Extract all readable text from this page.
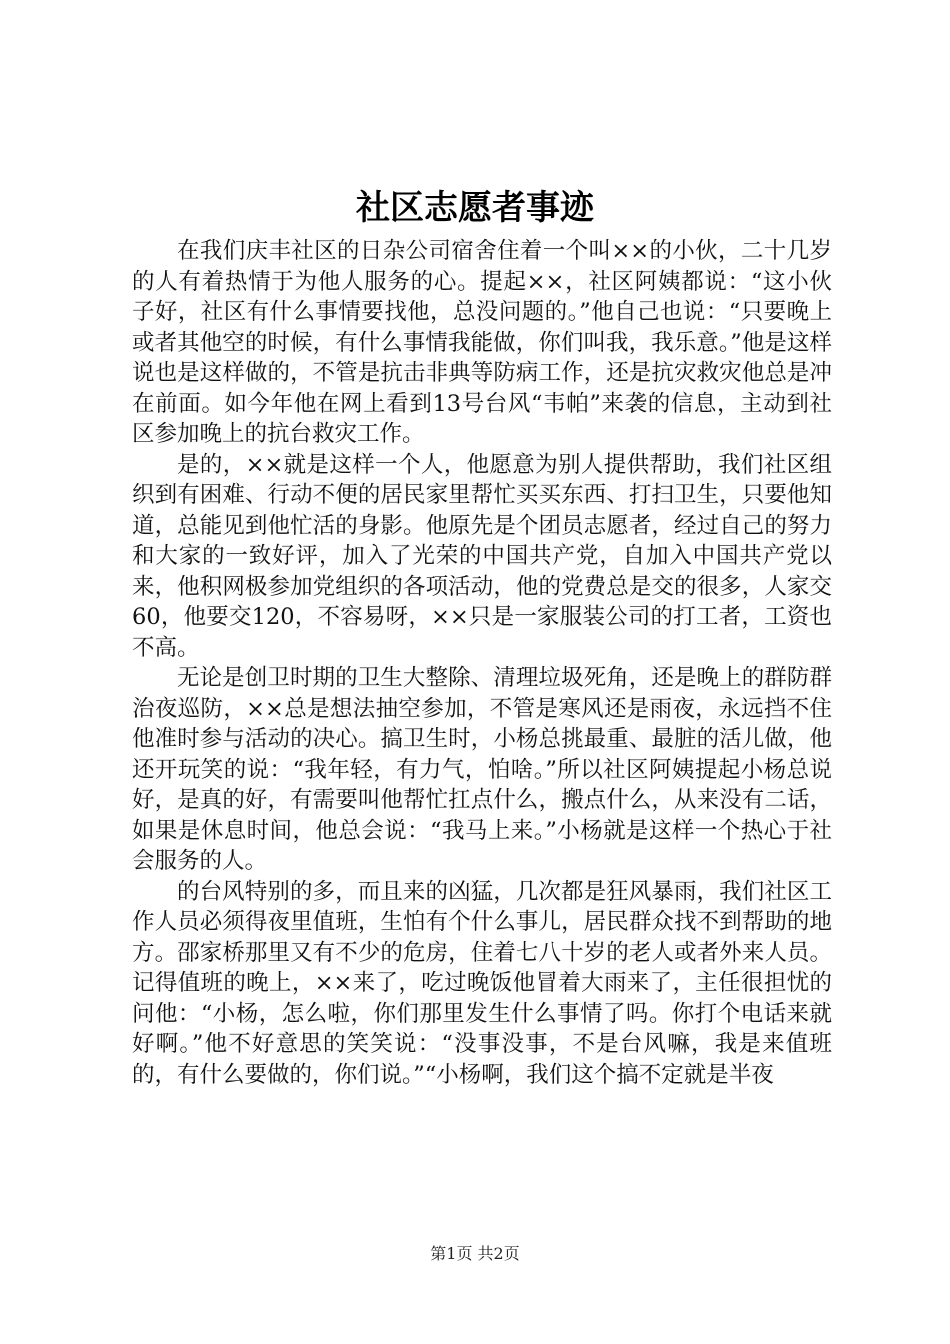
社区志愿者事迹

在我们庆丰社区的日杂公司宿舍住着一个叫××的小伙，二十几岁的人有着热情于为他人服务的心。提起××，社区阿姨都说：“这小伙子好，社区有什么事情要找他，总没问题的。”他自己也说：“只要晚上或者其他空的时候，有什么事情我能做，你们叫我，我乐意。”他是这样说也是这样做的，不管是抗击非典等防病工作，还是抗灾救灾他总是冲在前面。如今年他在网上看到13号台风“韦帕”来袭的信息，主动到社区参加晚上的抗台救灾工作。

是的，××就是这样一个人，他愿意为别人提供帮助，我们社区组织到有困难、行动不便的居民家里帮忙买买东西、打扫卫生，只要他知道，总能见到他忙活的身影。他原先是个团员志愿者，经过自己的努力和大家的一致好评，加入了光荣的中国共产党，自加入中国共产党以来，他积网极参加党组织的各项活动，他的党费总是交的很多，人家交60，他要交120，不容易呀，××只是一家服装公司的打工者，工资也不高。

无论是创卫时期的卫生大整除、清理垃圾死角，还是晚上的群防群治夜巡防，××总是想法抽空参加，不管是寒风还是雨夜，永远挡不住他准时参与活动的决心。搞卫生时，小杨总挑最重、最脏的活儿做，他还开玩笑的说：“我年轻，有力气，怕啥。”所以社区阿姨提起小杨总说好，是真的好，有需要叫他帮忙扛点什么，搬点什么，从来没有二话，如果是休息时间，他总会说：“我马上来。”小杨就是这样一个热心于社会服务的人。

的台风特别的多，而且来的凶猛，几次都是狂风暴雨，我们社区工作人员必须得夜里值班，生怕有个什么事儿，居民群众找不到帮助的地方。邵家桥那里又有不少的危房，住着七八十岁的老人或者外来人员。记得值班的晚上，××来了，吃过晚饭他冒着大雨来了，主任很担忧的问他：“小杨，怎么啦，你们那里发生什么事情了吗。你打个电话来就好啊。”他不好意思的笑笑说：“没事没事，不是台风嘛，我是来值班的，有什么要做的，你们说。”“小杨啊，我们这个搞不定就是半夜

第1页 共2页
